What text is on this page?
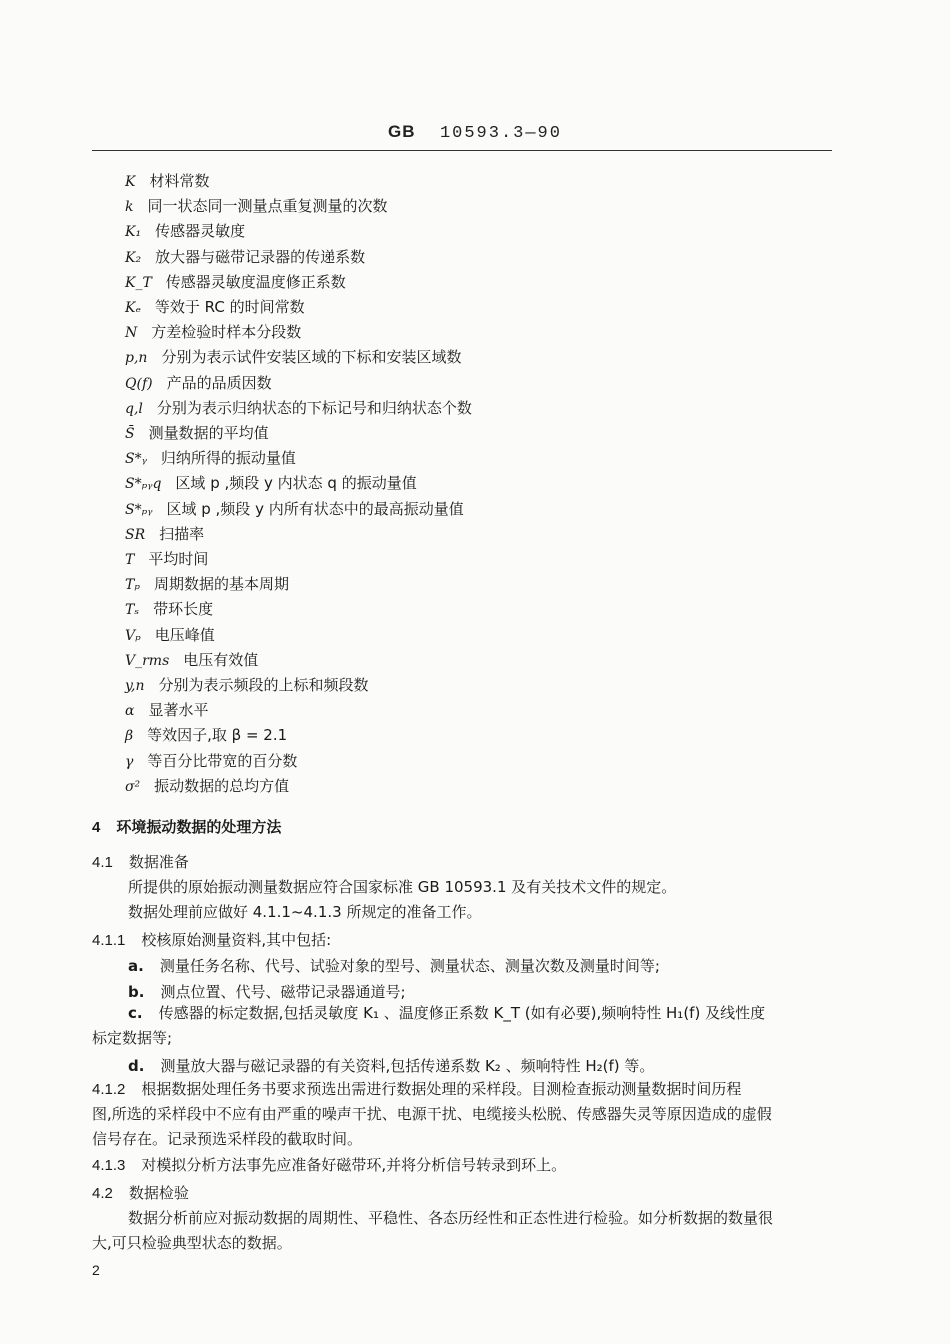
GB 10593.3—90
K 材料常数
k 同一状态同一测量点重复测量的次数
K₁ 传感器灵敏度
K₂ 放大器与磁带记录器的传递系数
K_T 传感器灵敏度温度修正系数
Kₑ 等效于 RC 的时间常数
N 方差检验时样本分段数
p,n 分别为表示试件安装区域的下标和安装区域数
Q(f) 产品的品质因数
q,l 分别为表示归纳状态的下标记号和归纳状态个数
S̄ 测量数据的平均值
S*ᵧ 归纳所得的振动量值
S*ₚᵧq 区域 p ,频段 y 内状态 q 的振动量值
S*ₚᵧ 区域 p ,频段 y 内所有状态中的最高振动量值
SR 扫描率
T 平均时间
Tₚ 周期数据的基本周期
Tₛ 带环长度
Vₚ 电压峰值
V_rms 电压有效值
y,n 分别为表示频段的上标和频段数
α 显著水平
β 等效因子,取 β = 2.1
γ 等百分比带宽的百分数
σ² 振动数据的总均方值
4 环境振动数据的处理方法
4.1 数据准备
所提供的原始振动测量数据应符合国家标准 GB 10593.1 及有关技术文件的规定。
数据处理前应做好 4.1.1~4.1.3 所规定的准备工作。
4.1.1 校核原始测量资料,其中包括:
a. 测量任务名称、代号、试验对象的型号、测量状态、测量次数及测量时间等;
b. 测点位置、代号、磁带记录器通道号;
c. 传感器的标定数据,包括灵敏度 K₁ 、温度修正系数 K_T (如有必要),频响特性 H₁(f) 及线性度
标定数据等;
d. 测量放大器与磁记录器的有关资料,包括传递系数 K₂ 、频响特性 H₂(f) 等。
4.1.2 根据数据处理任务书要求预选出需进行数据处理的采样段。目测检查振动测量数据时间历程
图,所选的采样段中不应有由严重的噪声干扰、电源干扰、电缆接头松脱、传感器失灵等原因造成的虚假
信号存在。记录预选采样段的截取时间。
4.1.3 对模拟分析方法事先应准备好磁带环,并将分析信号转录到环上。
4.2 数据检验
数据分析前应对振动数据的周期性、平稳性、各态历经性和正态性进行检验。如分析数据的数量很
大,可只检验典型状态的数据。
2
